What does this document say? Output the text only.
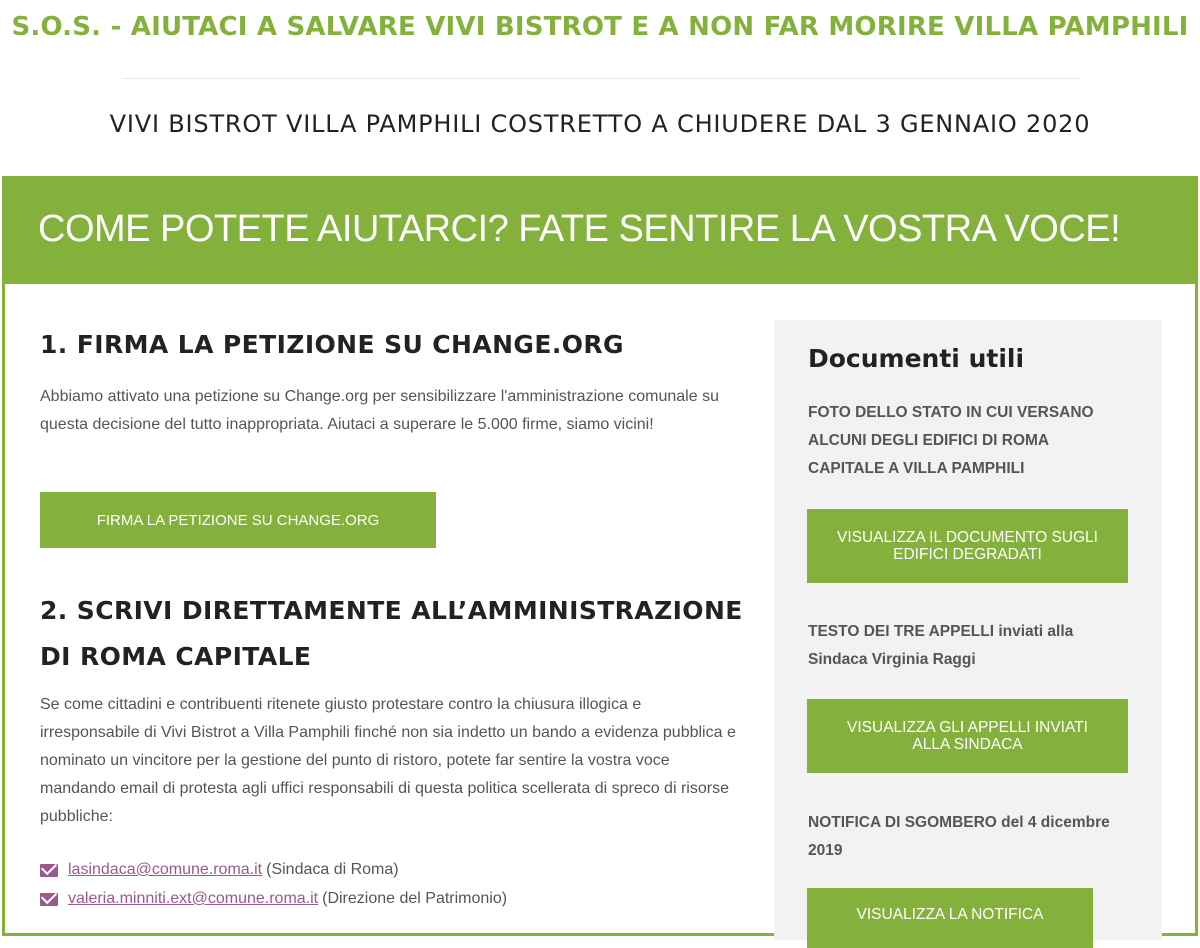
S.O.S. - AIUTACI A SALVARE VIVI BISTROT E A NON FAR MORIRE VILLA PAMPHILI
VIVI BISTROT VILLA PAMPHILI COSTRETTO A CHIUDERE DAL 3 GENNAIO 2020
COME POTETE AIUTARCI? FATE SENTIRE LA VOSTRA VOCE!
1. FIRMA LA PETIZIONE SU CHANGE.ORG

Abbiamo attivato una petizione su Change.org per sensibilizzare l'amministrazione comunale su questa decisione del tutto inappropriata. Aiutaci a superare le 5.000 firme, siamo vicini!

FIRMA LA PETIZIONE SU CHANGE.ORG
2. SCRIVI DIRETTAMENTE ALL’AMMINISTRAZIONE DI ROMA CAPITALE

Se come cittadini e contribuenti ritenete giusto protestare contro la chiusura illogica e irresponsabile di Vivi Bistrot a Villa Pamphili finché non sia indetto un bando a evidenza pubblica e nominato un vincitore per la gestione del punto di ristoro, potete far sentire la vostra voce mandando email di protesta agli uffici responsabili di questa politica scellerata di spreco di risorse pubbliche:

lasindaca@comune.roma.it (Sindaca di Roma)
valeria.minniti.ext@comune.roma.it (Direzione del Patrimonio)
Documenti utili
FOTO DELLO STATO IN CUI VERSANO ALCUNI DEGLI EDIFICI DI ROMA CAPITALE A VILLA PAMPHILI
VISUALIZZA IL DOCUMENTO SUGLI EDIFICI DEGRADATI
TESTO DEI TRE APPELLI inviati alla Sindaca Virginia Raggi
VISUALIZZA GLI APPELLI INVIATI ALLA SINDACA
NOTIFICA DI SGOMBERO del 4 dicembre 2019
VISUALIZZA LA NOTIFICA
